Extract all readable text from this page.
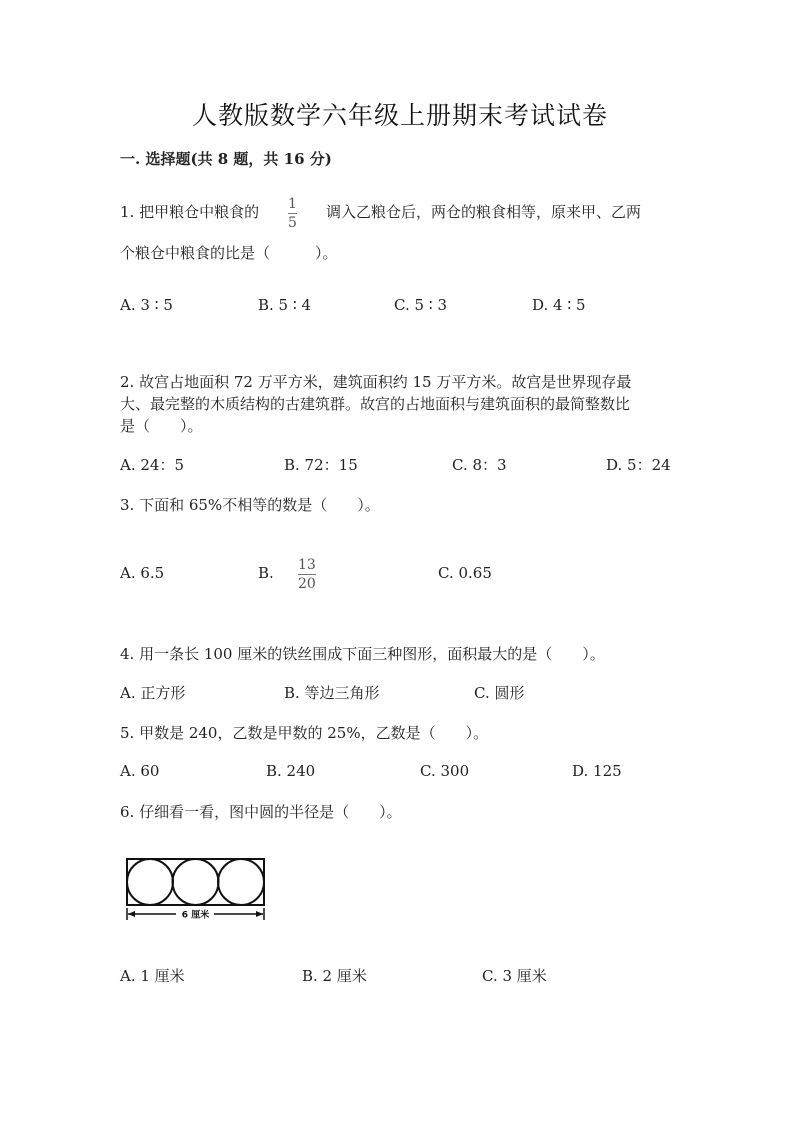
人教版数学六年级上册期末考试试卷
一. 选择题(共 8 题，共 16 分)
1. 把甲粮仓中粮食的 1
5
调入乙粮仓后，两仓的粮食相等，原来甲、乙两
个粮仓中粮食的比是（　　　）。
A. 3 ∶ 5	B. 5 ∶ 4	C. 5 ∶ 3	D. 4 ∶ 5
2. 故宫占地面积 72 万平方米，建筑面积约 15 万平方米。故宫是世界现存最
大、最完整的木质结构的古建筑群。故宫的占地面积与建筑面积的最简整数比
是（　　）。
A. 24：5	B. 72：15	C. 8：3	D. 5：24
3. 下面和 65%不相等的数是（　　）。
A. 6.5	B. 13
20
C. 0.65
4. 用一条长 100 厘米的铁丝围成下面三种图形，面积最大的是（　　）。
A. 正方形	B. 等边三角形	C. 圆形
5. 甲数是 240，乙数是甲数的 25%，乙数是（　　）。
A. 60	B. 240	C. 300	D. 125
6. 仔细看一看，图中圆的半径是（　　）。
6 厘米
A. 1 厘米	B. 2 厘米	C. 3 厘米
